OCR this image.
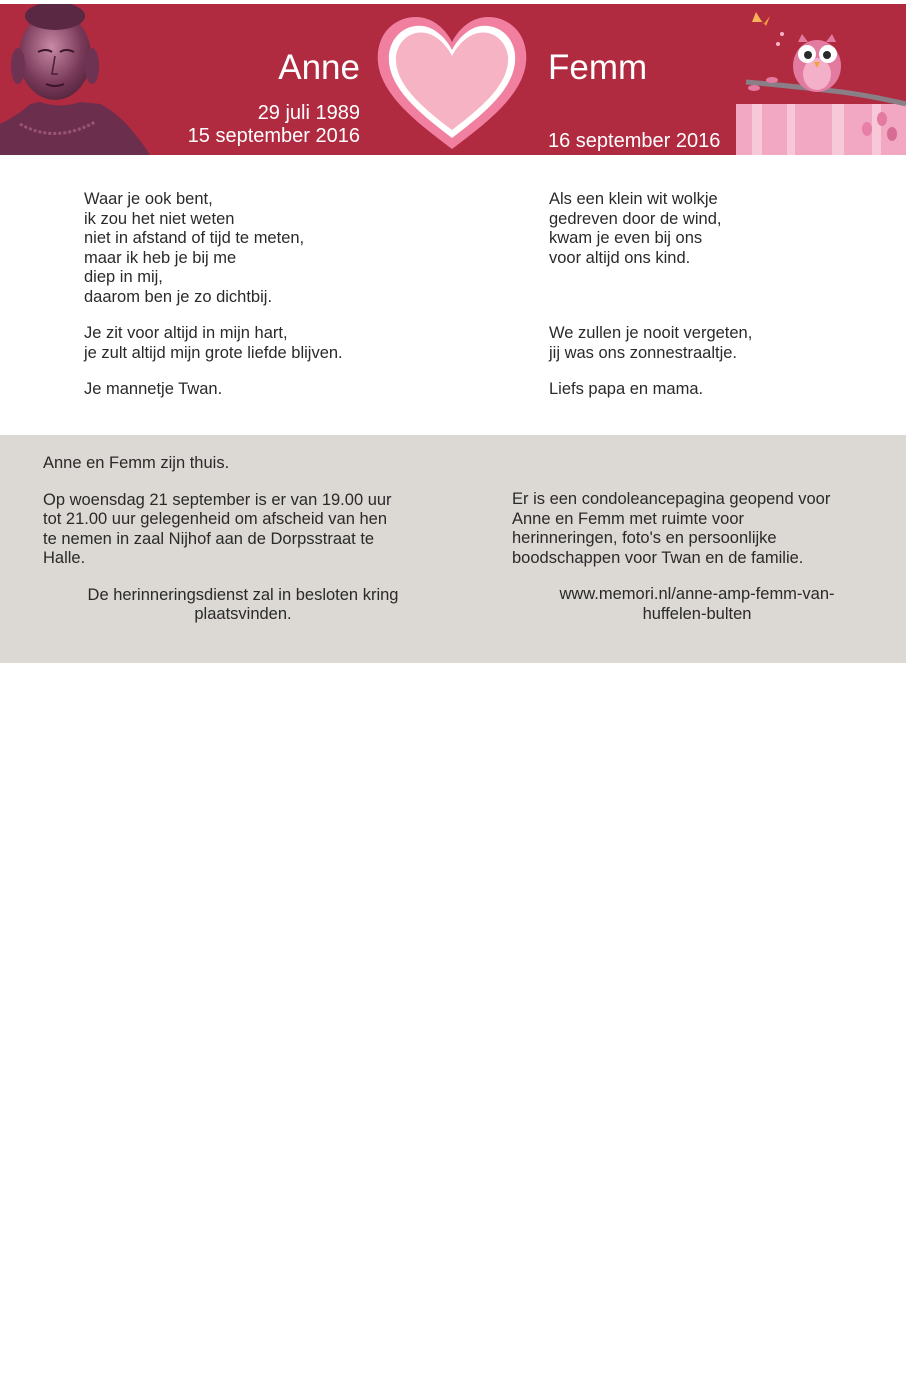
Anne	Femm
29 juli 1989
15 september 2016	16 september 2016

Waar je ook bent,

ik zou het niet weten

niet in afstand of tijd te meten,

maar ik heb je bij me

diep in mij,

daarom ben je zo dichtbij.

Je zit voor altijd in mijn hart,

je zult altijd mijn grote liefde blijven.

Je mannetje Twan.

Als een klein wit wolkje

gedreven door de wind,

kwam je even bij ons

voor altijd ons kind.

We zullen je nooit vergeten,

jij was ons zonnestraaltje.

Liefs papa en mama.

Anne en Femm zijn thuis.

Op woensdag 21 september is er van 19.00 uur

tot 21.00 uur gelegenheid om afscheid van hen

te nemen in zaal Nijhof aan de Dorpsstraat te

Halle.

De herinneringsdienst zal in besloten kring

plaatsvinden.

Er is een condoleancepagina geopend voor

Anne en Femm met ruimte voor

herinneringen, foto's en persoonlijke

boodschappen voor Twan en de familie.

www.memori.nl/anne-amp-femm-van-

huffelen-bulten
